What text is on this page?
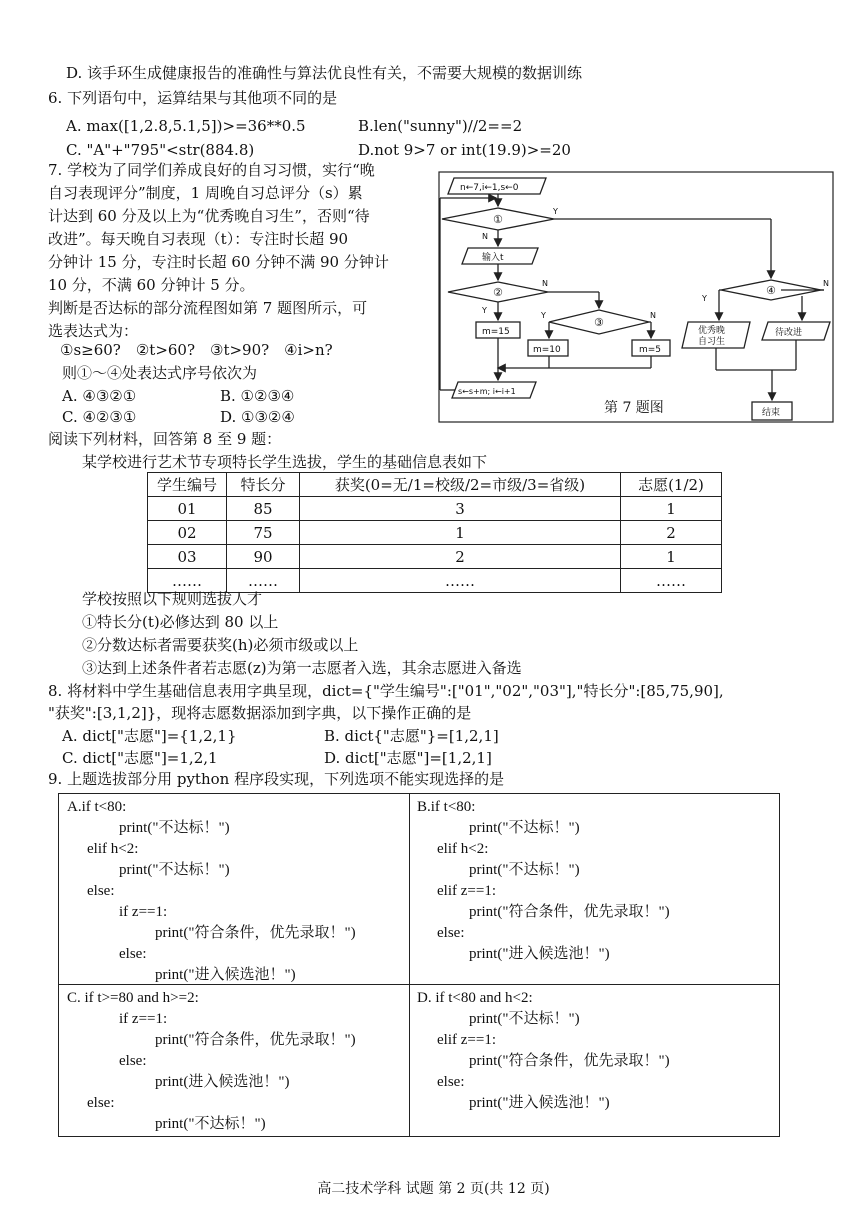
D. 该手环生成健康报告的准确性与算法优良性有关，不需要大规模的数据训练
6. 下列语句中，运算结果与其他项不同的是
A. max([1,2.8,5.1,5])>=36**0.5	B.len("sunny")//2==2
C. "A"+"795"<str(884.8)	D.not 9>7 or int(19.9)>=20
7. 学校为了同学们养成良好的自习习惯，实行“晚
自习表现评分”制度，1 周晚自习总评分（s）累
计达到 60 分及以上为“优秀晚自习生”，否则“待
改进”。每天晚自习表现（t）：专注时长超 90
分钟计 15 分，专注时长超 60 分钟不满 90 分钟计
10 分，不满 60 分钟计 5 分。
判断是否达标的部分流程图如第 7 题图所示，可
选表达式为：
①s≥60?　②t>60?　③t>90?　④i>n?
则①～④处表达式序号依次为
A. ④③②①	B. ①②③④
C. ④②③①	D. ①③②④
阅读下列材料，回答第 8 至 9 题：
某学校进行艺术节专项特长学生选拔，学生的基础信息表如下
n←7,i←1,s←0
①
输入t
②
③
④
m=15
m=10	m=5
s←s+m; i←i+1
优秀晚
自习生
待改进
结束
Y
N
N
Y
Y	N
Y
N
第 7 题图
学生编号	特长分	获奖(0=无/1=校级/2=市级/3=省级)	志愿(1/2)
01	85	3	1
02	75	1	2
03	90	2	1
……	……	……	……
学校按照以下规则选拔人才
①特长分(t)必修达到 80 以上
②分数达标者需要获奖(h)必须市级或以上
③达到上述条件者若志愿(z)为第一志愿者入选，其余志愿进入备选
8. 将材料中学生基础信息表用字典呈现，dict={"学生编号":["01","02","03"],"特长分":[85,75,90],
"获奖":[3,1,2]}，现将志愿数据添加到字典，以下操作正确的是
A. dict["志愿"]={1,2,1}	B. dict{"志愿"}=[1,2,1]
C. dict["志愿"]=1,2,1	D. dict["志愿"]=[1,2,1]
9. 上题选拔部分用 python 程序段实现，下列选项不能实现选择的是
A.if t<80:
print("不达标！")
elif h<2:
print("不达标！")
else:
if z==1:
print("符合条件，优先录取！")
else:
print("进入候选池！")
B.if t<80:
print("不达标！")
elif h<2:
print("不达标！")
elif z==1:
print("符合条件，优先录取！")
else:
print("进入候选池！")
C. if t>=80 and h>=2:
if z==1:
print("符合条件，优先录取！")
else:
print(进入候选池！")
else:
print("不达标！")
D. if t<80 and h<2:
print("不达标！")
elif z==1:
print("符合条件，优先录取！")
else:
print("进入候选池！")
高二技术学科 试题 第 2 页(共 12 页)
